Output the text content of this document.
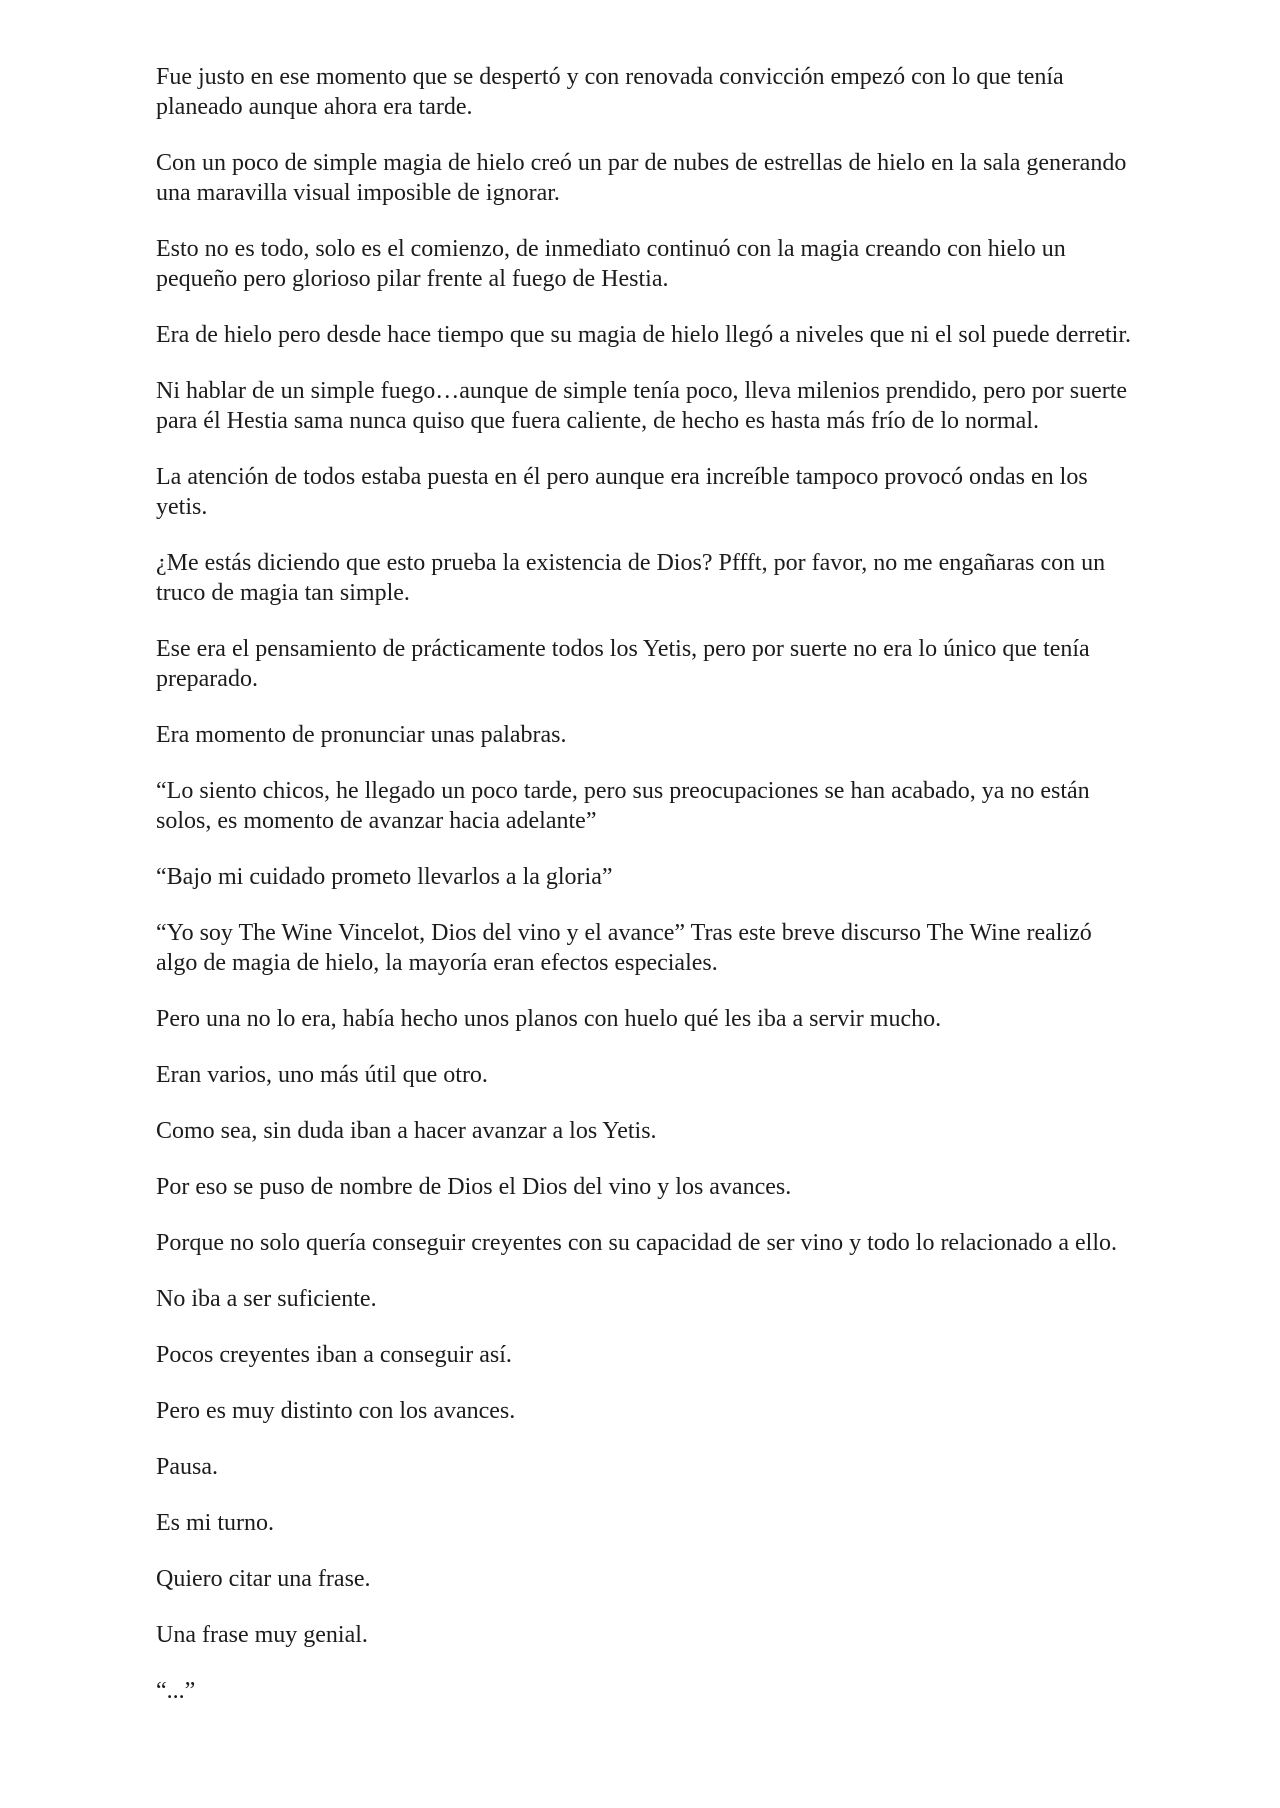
Fue justo en ese momento que se despertó y con renovada convicción empezó con lo que tenía planeado aunque ahora era tarde.

Con un poco de simple magia de hielo creó un par de nubes de estrellas de hielo en la sala generando una maravilla visual imposible de ignorar.

Esto no es todo, solo es el comienzo, de inmediato continuó con la magia creando con hielo un pequeño pero glorioso pilar frente al fuego de Hestia.

Era de hielo pero desde hace tiempo que su magia de hielo llegó a niveles que ni el sol puede derretir.

Ni hablar de un simple fuego…aunque de simple tenía poco, lleva milenios prendido, pero por suerte para él Hestia sama nunca quiso que fuera caliente, de hecho es hasta más frío de lo normal.

La atención de todos estaba puesta en él pero aunque era increíble tampoco provocó ondas en los yetis.

¿Me estás diciendo que esto prueba la existencia de Dios? Pffft, por favor, no me engañaras con un truco de magia tan simple.

Ese era el pensamiento de prácticamente todos los Yetis, pero por suerte no era lo único que tenía preparado.

Era momento de pronunciar unas palabras.

“Lo siento chicos, he llegado un poco tarde, pero sus preocupaciones se han acabado, ya no están solos, es momento de avanzar hacia adelante”

“Bajo mi cuidado prometo llevarlos a la gloria”

“Yo soy The Wine Vincelot, Dios del vino y el avance” Tras este breve discurso The Wine realizó algo de magia de hielo, la mayoría eran efectos especiales.

Pero una no lo era, había hecho unos planos con huelo qué les iba a servir mucho.

Eran varios, uno más útil que otro.

Como sea, sin duda iban a hacer avanzar a los Yetis.

Por eso se puso de nombre de Dios el Dios del vino y los avances.

Porque no solo quería conseguir creyentes con su capacidad de ser vino y todo lo relacionado a ello.

No iba a ser suficiente.

Pocos creyentes iban a conseguir así.

Pero es muy distinto con los avances.

Pausa.

Es mi turno.

Quiero citar una frase.

Una frase muy genial.

“...”
